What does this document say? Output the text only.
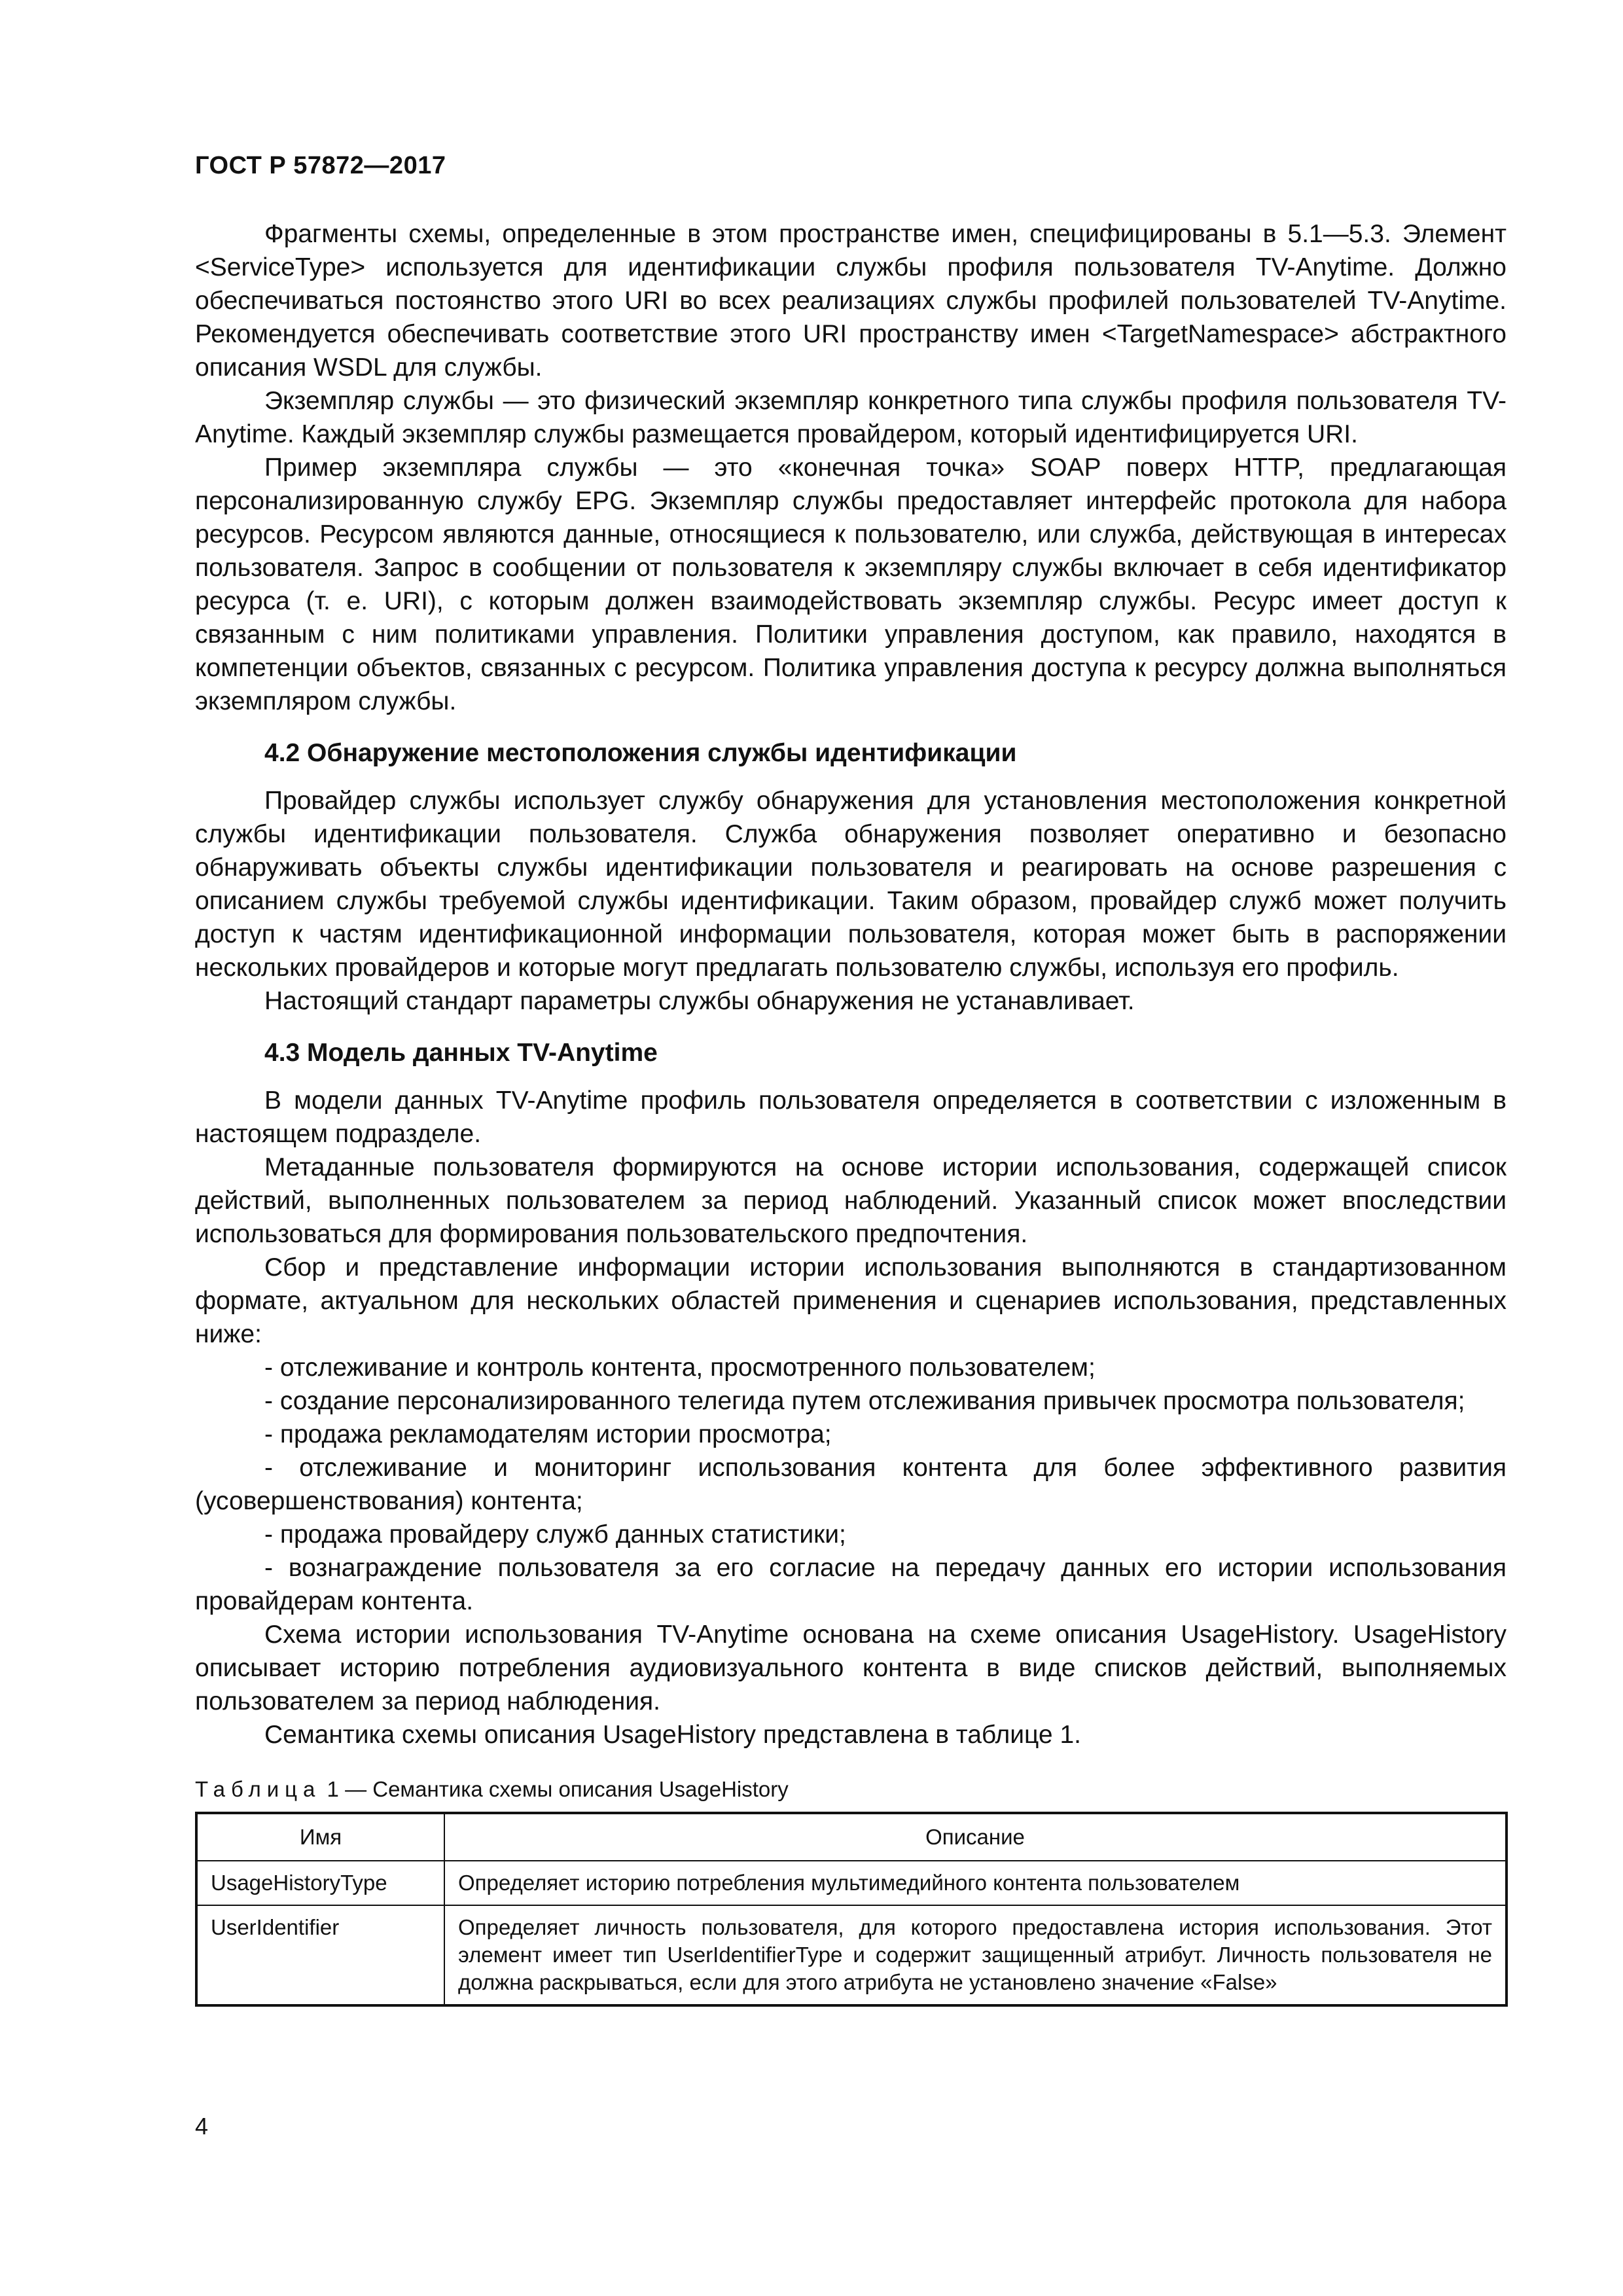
ГОСТ Р 57872—2017

Фрагменты схемы, определенные в этом пространстве имен, специфицированы в 5.1—5.3. Элемент <ServiceType> используется для идентификации службы профиля пользователя TV-Anytime. Должно обеспечиваться постоянство этого URI во всех реализациях службы профилей пользователей TV-Anytime. Рекомендуется обеспечивать соответствие этого URI пространству имен <TargetNamespace> абстрактного описания WSDL для службы.

Экземпляр службы — это физический экземпляр конкретного типа службы профиля пользователя TV-Anytime. Каждый экземпляр службы размещается провайдером, который идентифицируется URI.

Пример экземпляра службы — это «конечная точка» SOAP поверх HTTP, предлагающая персонализированную службу EPG. Экземпляр службы предоставляет интерфейс протокола для набора ресурсов. Ресурсом являются данные, относящиеся к пользователю, или служба, действующая в интересах пользователя. Запрос в сообщении от пользователя к экземпляру службы включает в себя идентификатор ресурса (т. е. URI), с которым должен взаимодействовать экземпляр службы. Ресурс имеет доступ к связанным с ним политиками управления. Политики управления доступом, как правило, находятся в компетенции объектов, связанных с ресурсом. Политика управления доступа к ресурсу должна выполняться экземпляром службы.

4.2 Обнаружение местоположения службы идентификации

Провайдер службы использует службу обнаружения для установления местоположения конкретной службы идентификации пользователя. Служба обнаружения позволяет оперативно и безопасно обнаруживать объекты службы идентификации пользователя и реагировать на основе разрешения с описанием службы требуемой службы идентификации. Таким образом, провайдер служб может получить доступ к частям идентификационной информации пользователя, которая может быть в распоряжении нескольких провайдеров и которые могут предлагать пользователю службы, используя его профиль.

Настоящий стандарт параметры службы обнаружения не устанавливает.

4.3 Модель данных TV-Anytime

В модели данных TV-Anytime профиль пользователя определяется в соответствии с изложенным в настоящем подразделе.

Метаданные пользователя формируются на основе истории использования, содержащей список действий, выполненных пользователем за период наблюдений. Указанный список может впоследствии использоваться для формирования пользовательского предпочтения.

Сбор и представление информации истории использования выполняются в стандартизованном формате, актуальном для нескольких областей применения и сценариев использования, представленных ниже:

- отслеживание и контроль контента, просмотренного пользователем;

- создание персонализированного телегида путем отслеживания привычек просмотра пользователя;

- продажа рекламодателям истории просмотра;

- отслеживание и мониторинг использования контента для более эффективного развития (усовершенствования) контента;

- продажа провайдеру служб данных статистики;

- вознаграждение пользователя за его согласие на передачу данных его истории использования провайдерам контента.

Схема истории использования TV-Anytime основана на схеме описания UsageHistory. UsageHistory описывает историю потребления аудиовизуального контента в виде списков действий, выполняемых пользователем за период наблюдения.

Семантика схемы описания UsageHistory представлена в таблице 1.

Таблица 1 — Семантика схемы описания UsageHistory
Имя	Описание
UsageHistoryType	Определяет историю потребления мультимедийного контента пользователем
UserIdentifier	Определяет личность пользователя, для которого предоставлена история использования. Этот элемент имеет тип UserIdentifierType и содержит защищенный атрибут. Личность пользователя не должна раскрываться, если для этого атрибута не установлено значение «False»
4
